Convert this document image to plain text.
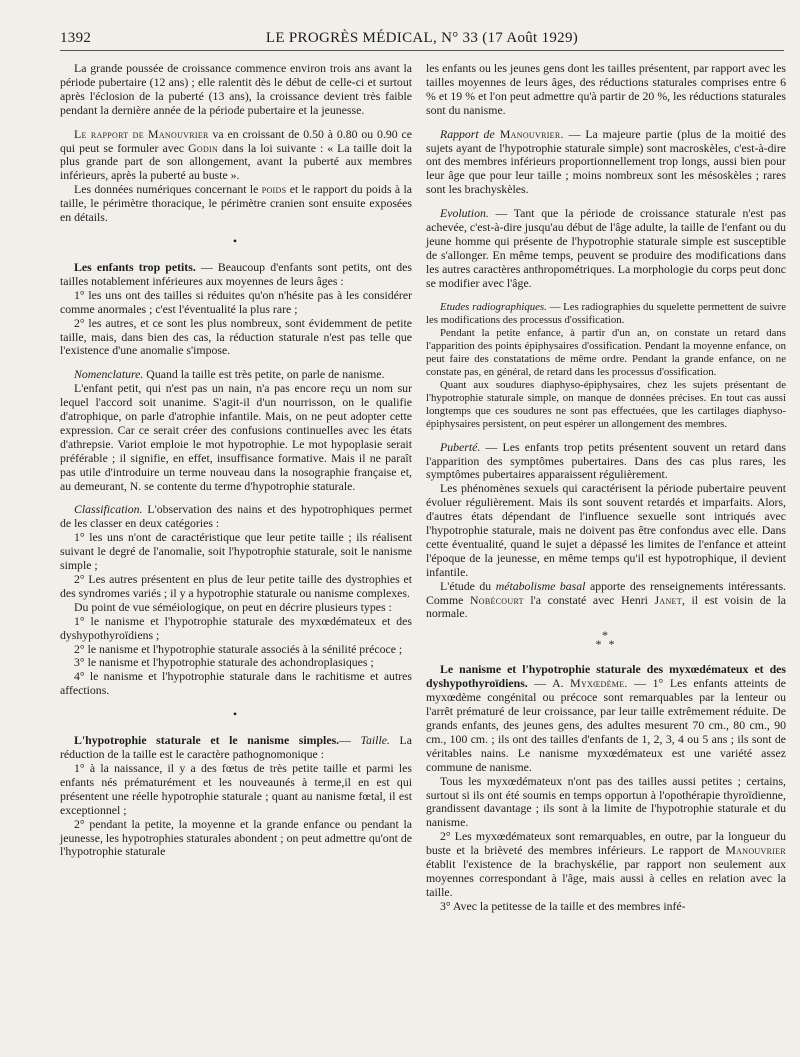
1392	LE PROGRÈS MÉDICAL, N° 33 (17 Août 1929)

La grande poussée de croissance commence environ trois ans avant la période pubertaire (12 ans) ; elle ralentit dès le début de celle-ci et surtout après l'éclosion de la puberté (13 ans), la croissance devient très faible pendant la dernière année de la période pubertaire et la jeunesse.

Le rapport de Manouvrier va en croissant de 0.50 à 0.80 ou 0.90 ce qui peut se formuler avec Godin dans la loi suivante : « La taille doit la plus grande part de son allongement, avant la puberté aux membres inférieurs, après la puberté au buste ».

Les données numériques concernant le poids et le rapport du poids à la taille, le périmètre thoracique, le périmètre cranien sont ensuite exposées en détails.

•

Les enfants trop petits. — Beaucoup d'enfants sont petits, ont des tailles notablement inférieures aux moyennes de leurs âges :

1° les uns ont des tailles si réduites qu'on n'hésite pas à les considérer comme anormales ; c'est l'éventualité la plus rare ;

2° les autres, et ce sont les plus nombreux, sont évidemment de petite taille, mais, dans bien des cas, la réduction staturale n'est pas telle que l'existence d'une anomalie s'impose.

Nomenclature. Quand la taille est très petite, on parle de nanisme.

L'enfant petit, qui n'est pas un nain, n'a pas encore reçu un nom sur lequel l'accord soit unanime. S'agit-il d'un nourrisson, on le qualifie d'atrophique, on parle d'atrophie infantile. Mais, on ne peut adopter cette expression. Car ce serait créer des confusions continuelles avec les états d'athrepsie. Variot emploie le mot hypotrophie. Le mot hypoplasie serait préférable ; il signifie, en effet, insuffisance formative. Mais il ne paraît pas utile d'introduire un terme nouveau dans la nosographie française et, au demeurant, N. se contente du terme d'hypotrophie staturale.

Classification. L'observation des nains et des hypotrophiques permet de les classer en deux catégories :

1° les uns n'ont de caractéristique que leur petite taille ; ils réalisent suivant le degré de l'anomalie, soit l'hypotrophie staturale, soit le nanisme simple ;

2° Les autres présentent en plus de leur petite taille des dystrophies et des syndromes variés ; il y a hypotrophie staturale ou nanisme complexes.

Du point de vue séméiologique, on peut en décrire plusieurs types :

1° le nanisme et l'hypotrophie staturale des myxœdémateux et des dyshypothyroïdiens ;

2° le nanisme et l'hypotrophie staturale associés à la sénilité précoce ;

3° le nanisme et l'hypotrophie staturale des achondroplasiques ;

4° le nanisme et l'hypotrophie staturale dans le rachitisme et autres affections.

•

L'hypotrophie staturale et le nanisme simples.— Taille. La réduction de la taille est le caractère pathognomonique :

1° à la naissance, il y a des fœtus de très petite taille et parmi les enfants nés prématurément et les nouveaunés à terme,il en est qui présentent une réelle hypotrophie staturale ; quant au nanisme fœtal, il est exceptionnel ;

2° pendant la petite, la moyenne et la grande enfance ou pendant la jeunesse, les hypotrophies staturales abondent ; on peut admettre qu'ont de l'hypotrophie staturale

les enfants ou les jeunes gens dont les tailles présentent, par rapport avec les tailles moyennes de leurs âges, des réductions staturales comprises entre 6 % et 19 % et l'on peut admettre qu'à partir de 20 %, les réductions staturales sont du nanisme.

Rapport de Manouvrier. — La majeure partie (plus de la moitié des sujets ayant de l'hypotrophie staturale simple) sont macroskèles, c'est-à-dire ont des membres inférieurs proportionnellement trop longs, aussi bien pour leur âge que pour leur taille ; moins nombreux sont les mésoskèles ; rares sont les brachyskèles.

Evolution. — Tant que la période de croissance staturale n'est pas achevée, c'est-à-dire jusqu'au début de l'âge adulte, la taille de l'enfant ou du jeune homme qui présente de l'hypotrophie staturale simple est susceptible de s'allonger. En même temps, peuvent se produire des modifications dans les autres caractères anthropométriques. La morphologie du corps peut donc se modifier avec l'âge.

Etudes radiographiques. — Les radiographies du squelette permettent de suivre les modifications des processus d'ossification.

Pendant la petite enfance, à partir d'un an, on constate un retard dans l'apparition des points épiphysaires d'ossification. Pendant la moyenne enfance, on peut faire des constatations de même ordre. Pendant la grande enfance, on ne constate pas, en général, de retard dans les processus d'ossification.

Quant aux soudures diaphyso-épiphysaires, chez les sujets présentant de l'hypotrophie staturale simple, on manque de données précises. En tout cas aussi longtemps que ces soudures ne sont pas effectuées, que les cartilages diaphyso-épiphysaires persistent, on peut espérer un allongement des membres.

Puberté. — Les enfants trop petits présentent souvent un retard dans l'apparition des symptômes pubertaires. Dans des cas plus rares, les symptômes pubertaires apparaissent régulièrement.

Les phénomènes sexuels qui caractérisent la période pubertaire peuvent évoluer régulièrement. Mais ils sont souvent retardés et imparfaits. Alors, d'autres états dépendant de l'influence sexuelle sont intriqués avec l'hypotrophie staturale, mais ne doivent pas être confondus avec elle. Dans cette éventualité, quand le sujet a dépassé les limites de l'enfance et atteint l'époque de la jeunesse, en même temps qu'il est hypotrophique, il devient infantile.

L'étude du métabolisme basal apporte des renseignements intéressants. Comme Nobécourt l'a constaté avec Henri Janet, il est voisin de la normale.

*
* *

Le nanisme et l'hypotrophie staturale des myxœdémateux et des dyshypothyroïdiens. — A. Myxœdème. — 1° Les enfants atteints de myxœdème congénital ou précoce sont remarquables par la lenteur ou l'arrêt prématuré de leur croissance, par leur taille extrêmement réduite. De grands enfants, des jeunes gens, des adultes mesurent 70 cm., 80 cm., 90 cm., 100 cm. ; ils ont des tailles d'enfants de 1, 2, 3, 4 ou 5 ans ; ils sont de véritables nains. Le nanisme myxœdémateux est une variété assez commune de nanisme.

Tous les myxœdémateux n'ont pas des tailles aussi petites ; certains, surtout si ils ont été soumis en temps opportun à l'opothérapie thyroïdienne, grandissent davantage ; ils sont à la limite de l'hypotrophie staturale et du nanisme.

2° Les myxœdémateux sont remarquables, en outre, par la longueur du buste et la brièveté des membres inférieurs. Le rapport de Manouvrier établit l'existence de la brachyskélie, par rapport non seulement aux moyennes correspondant à l'âge, mais aussi à celles en relation avec la taille.

3° Avec la petitesse de la taille et des membres infé-
